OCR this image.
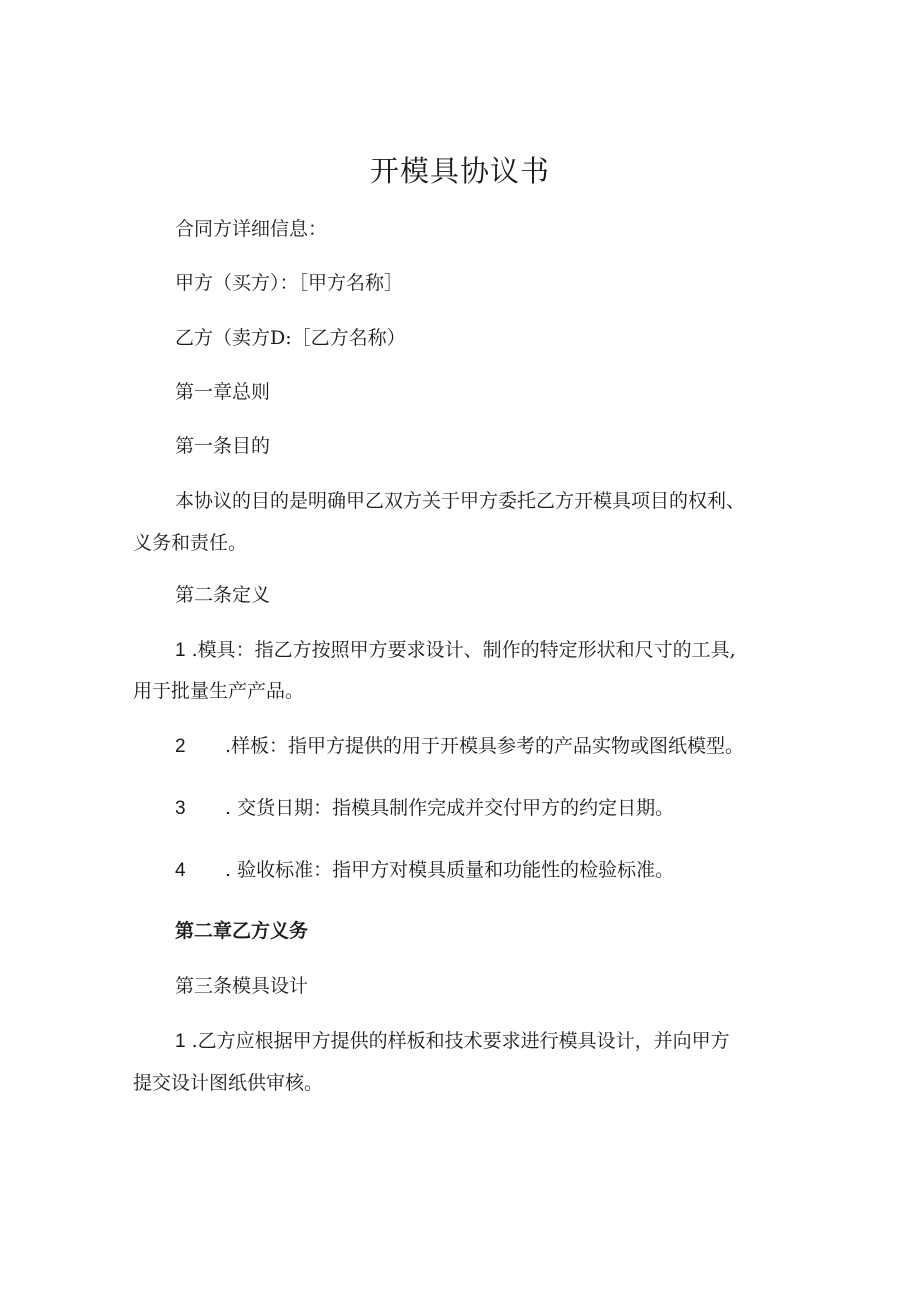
开模具协议书

合同方详细信息：

甲方（买方）：［甲方名称］

乙方（卖方D:［乙方名称）

第一章总则

第一条目的

本协议的目的是明确甲乙双方关于甲方委托乙方开模具项目的权利、

义务和责任。

第二条定义

1 .模具：指乙方按照甲方要求设计、制作的特定形状和尺寸的工具,

用于批量生产产品。

2 .样板：指甲方提供的用于开模具参考的产品实物或图纸模型。

3 . 交货日期：指模具制作完成并交付甲方的约定日期。

4 . 验收标准：指甲方对模具质量和功能性的检验标准。

第二章乙方义务

第三条模具设计

1 .乙方应根据甲方提供的样板和技术要求进行模具设计，并向甲方

提交设计图纸供审核。
